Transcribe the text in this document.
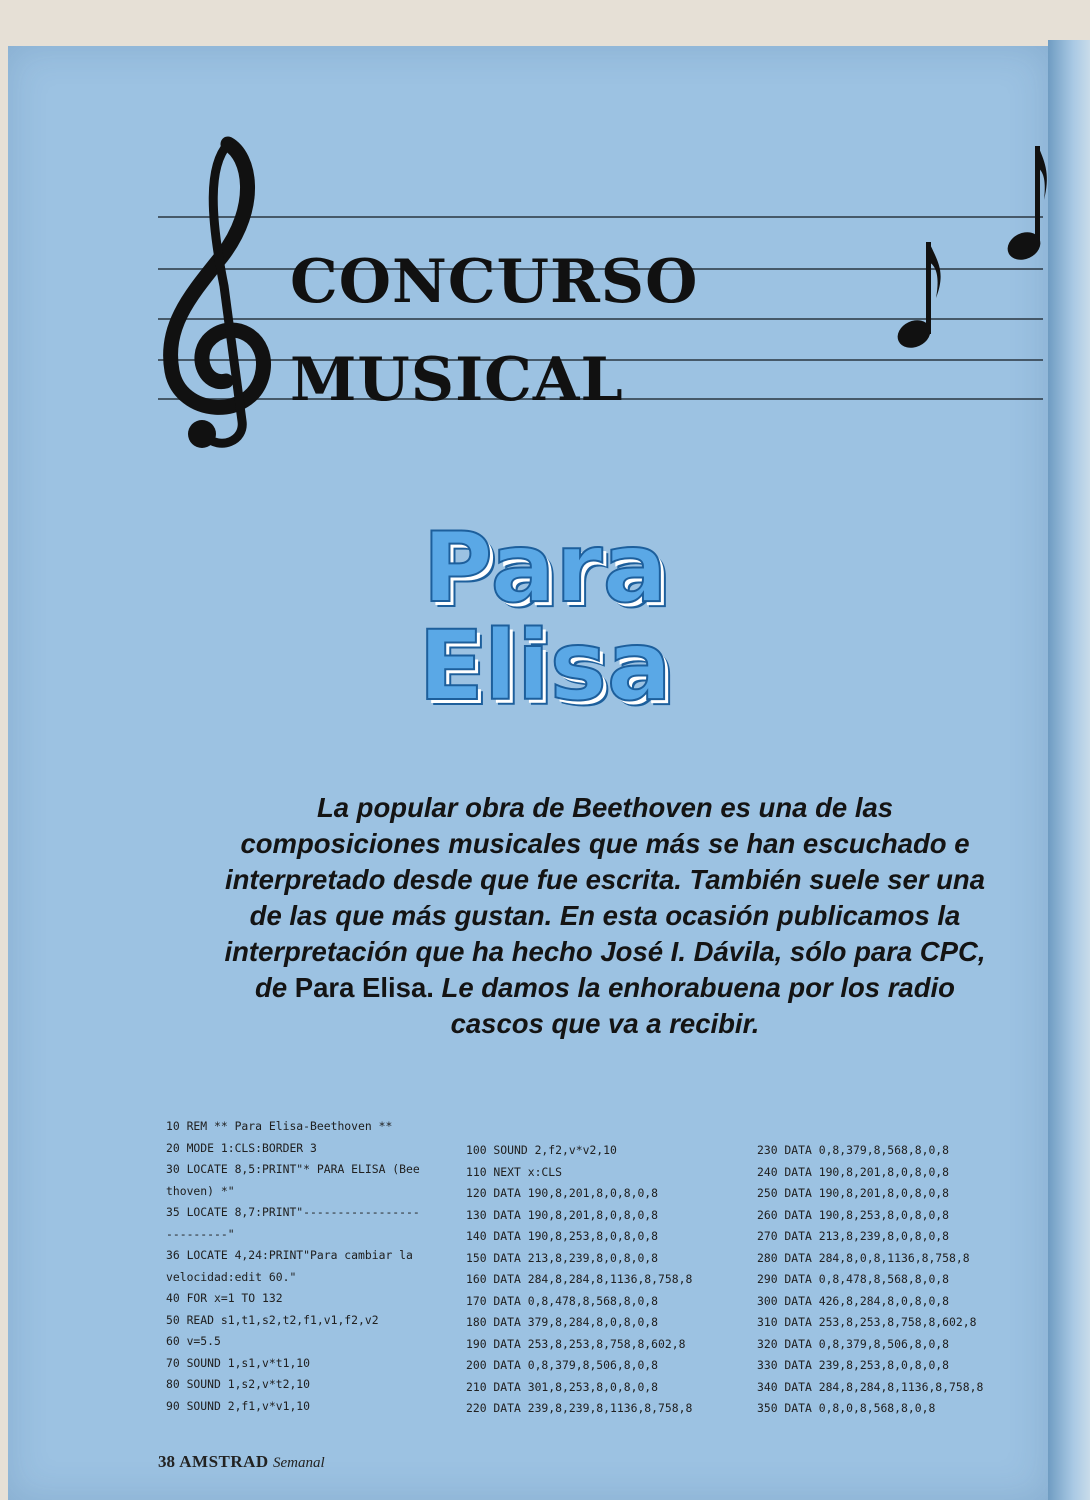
CONCURSO
MUSICAL
Para
Elisa
La popular obra de Beethoven es una de las composiciones musicales que más se han escuchado e interpretado desde que fue escrita. También suele ser una de las que más gustan. En esta ocasión publicamos la interpretación que ha hecho José I. Dávila, sólo para CPC, de Para Elisa. Le damos la enhorabuena por los radio cascos que va a recibir.
10 REM ** Para Elisa-Beethoven **
20 MODE 1:CLS:BORDER 3
30 LOCATE 8,5:PRINT"* PARA ELISA (Bee
thoven) *"
35 LOCATE 8,7:PRINT"-----------------
---------"
36 LOCATE 4,24:PRINT"Para cambiar la
velocidad:edit 60."
40 FOR x=1 TO 132
50 READ s1,t1,s2,t2,f1,v1,f2,v2
60 v=5.5
70 SOUND 1,s1,v*t1,10
80 SOUND 1,s2,v*t2,10
90 SOUND 2,f1,v*v1,10
100 SOUND 2,f2,v*v2,10
110 NEXT x:CLS
120 DATA 190,8,201,8,0,8,0,8
130 DATA 190,8,201,8,0,8,0,8
140 DATA 190,8,253,8,0,8,0,8
150 DATA 213,8,239,8,0,8,0,8
160 DATA 284,8,284,8,1136,8,758,8
170 DATA 0,8,478,8,568,8,0,8
180 DATA 379,8,284,8,0,8,0,8
190 DATA 253,8,253,8,758,8,602,8
200 DATA 0,8,379,8,506,8,0,8
210 DATA 301,8,253,8,0,8,0,8
220 DATA 239,8,239,8,1136,8,758,8
230 DATA 0,8,379,8,568,8,0,8
240 DATA 190,8,201,8,0,8,0,8
250 DATA 190,8,201,8,0,8,0,8
260 DATA 190,8,253,8,0,8,0,8
270 DATA 213,8,239,8,0,8,0,8
280 DATA 284,8,0,8,1136,8,758,8
290 DATA 0,8,478,8,568,8,0,8
300 DATA 426,8,284,8,0,8,0,8
310 DATA 253,8,253,8,758,8,602,8
320 DATA 0,8,379,8,506,8,0,8
330 DATA 239,8,253,8,0,8,0,8
340 DATA 284,8,284,8,1136,8,758,8
350 DATA 0,8,0,8,568,8,0,8
38 AMSTRAD Semanal
